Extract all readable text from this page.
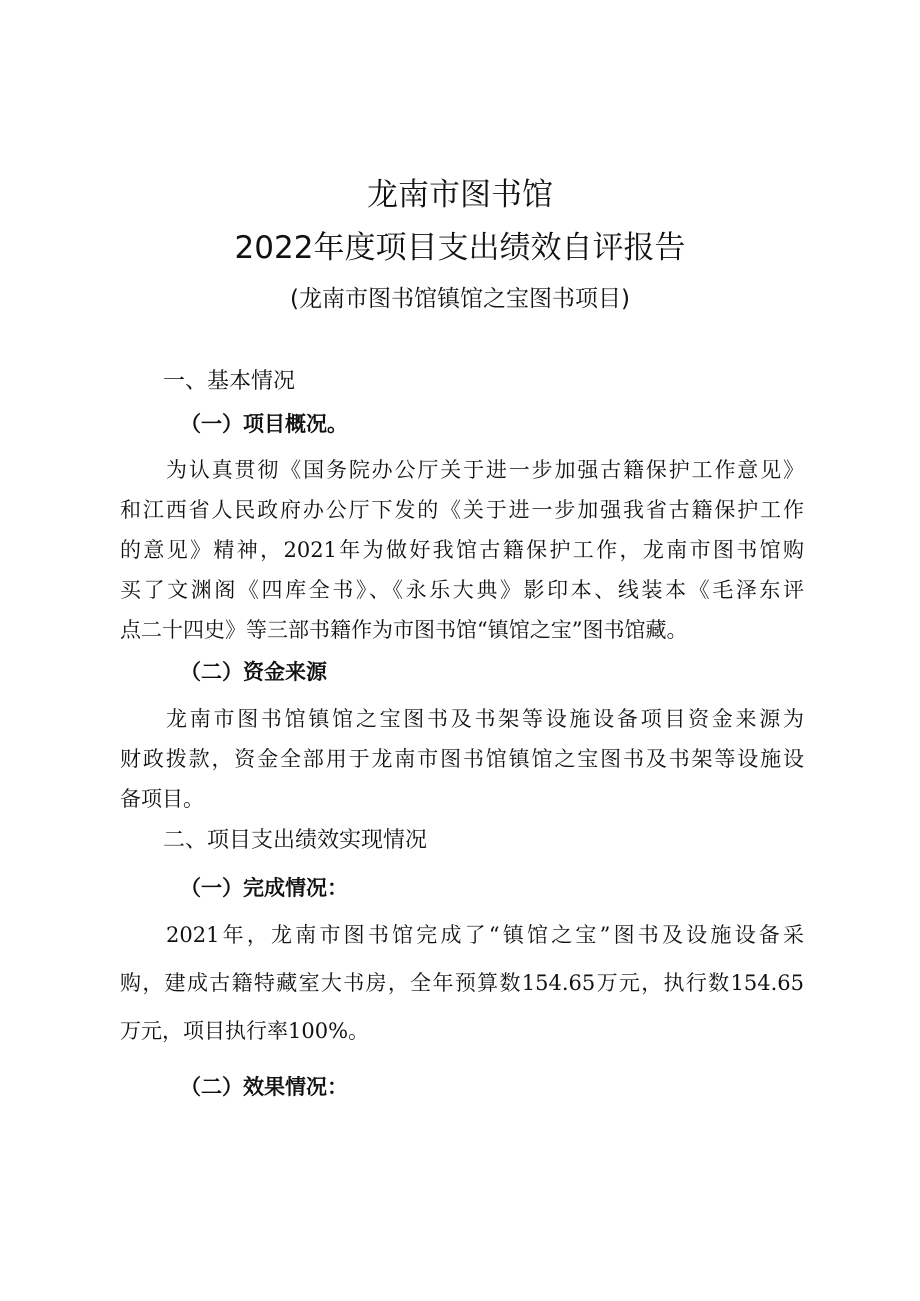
龙南市图书馆
2022年度项目支出绩效自评报告
(龙南市图书馆镇馆之宝图书项目)
一、基本情况
（一）项目概况。
为认真贯彻《国务院办公厅关于进一步加强古籍保护工作意见》
和江西省人民政府办公厅下发的《关于进一步加强我省古籍保护工作
的意见》精神，2021年为做好我馆古籍保护工作，龙南市图书馆购
买了文渊阁《四库全书》、《永乐大典》影印本、线装本《毛泽东评
点二十四史》等三部书籍作为市图书馆“镇馆之宝”图书馆藏。
（二）资金来源
龙南市图书馆镇馆之宝图书及书架等设施设备项目资金来源为
财政拨款，资金全部用于龙南市图书馆镇馆之宝图书及书架等设施设
备项目。
二、项目支出绩效实现情况
（一）完成情况：
2021年，龙南市图书馆完成了“镇馆之宝”图书及设施设备采
购，建成古籍特藏室大书房，全年预算数154.65万元，执行数154.65
万元，项目执行率100%。
（二）效果情况：
